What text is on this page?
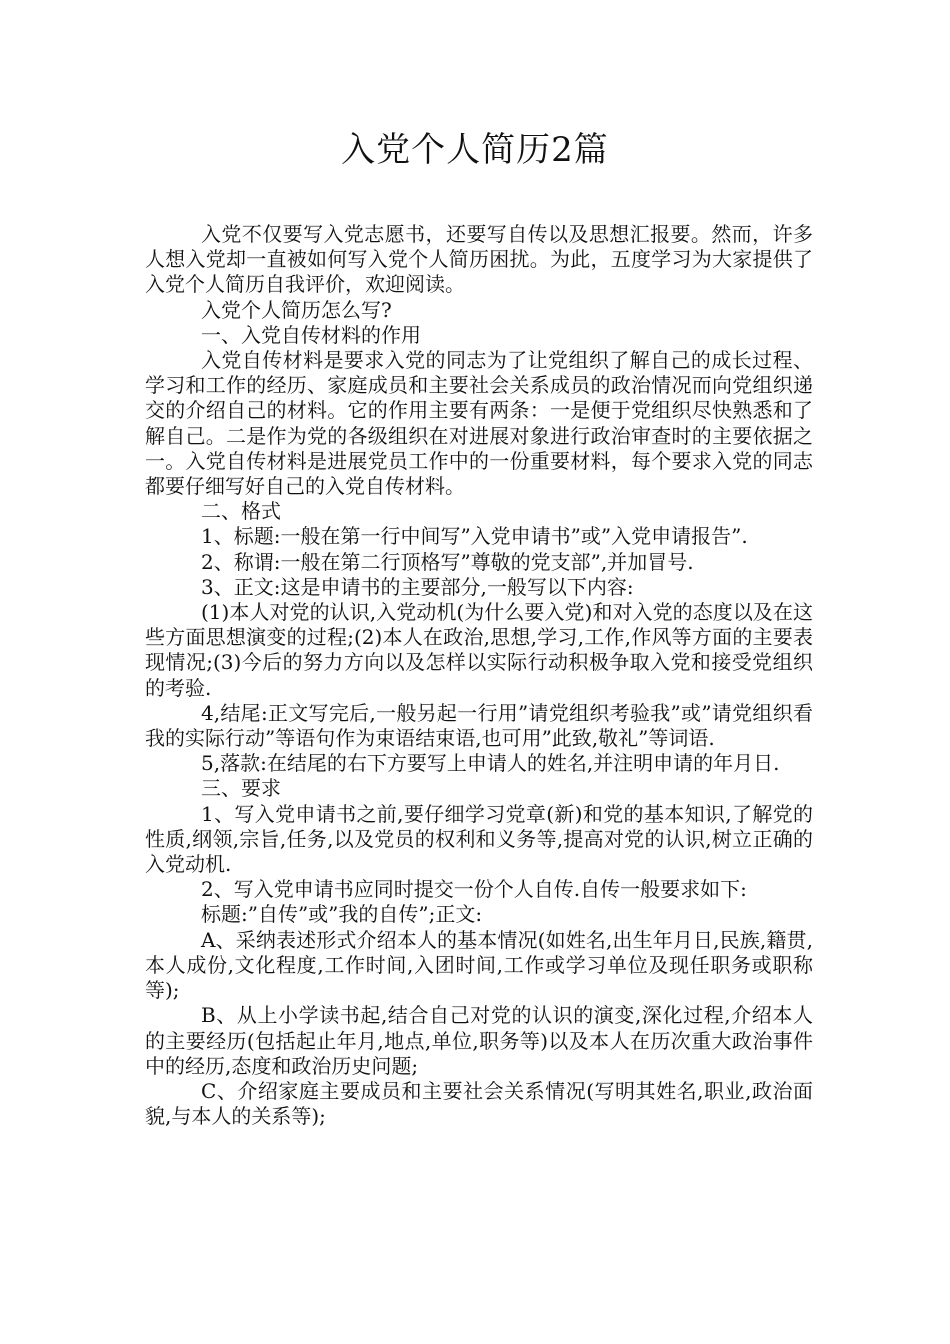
入党个人简历2篇

入党不仅要写入党志愿书，还要写自传以及思想汇报要。然而，许多人想入党却一直被如何写入党个人简历困扰。为此，五度学习为大家提供了入党个人简历自我评价，欢迎阅读。

入党个人简历怎么写?

一、入党自传材料的作用

入党自传材料是要求入党的同志为了让党组织了解自己的成长过程、学习和工作的经历、家庭成员和主要社会关系成员的政治情况而向党组织递交的介绍自己的材料。它的作用主要有两条：一是便于党组织尽快熟悉和了解自己。二是作为党的各级组织在对进展对象进行政治审查时的主要依据之一。入党自传材料是进展党员工作中的一份重要材料，每个要求入党的同志都要仔细写好自己的入党自传材料。

二、格式

1、标题:一般在第一行中间写”入党申请书”或”入党申请报告”.

2、称谓:一般在第二行顶格写”尊敬的党支部”,并加冒号.

3、正文:这是申请书的主要部分,一般写以下内容:

(1)本人对党的认识,入党动机(为什么要入党)和对入党的态度以及在这些方面思想演变的过程;(2)本人在政治,思想,学习,工作,作风等方面的主要表现情况;(3)今后的努力方向以及怎样以实际行动积极争取入党和接受党组织的考验.

4,结尾:正文写完后,一般另起一行用”请党组织考验我”或”请党组织看我的实际行动”等语句作为束语结束语,也可用”此致,敬礼”等词语.

5,落款:在结尾的右下方要写上申请人的姓名,并注明申请的年月日.

三、要求

1、写入党申请书之前,要仔细学习党章(新)和党的基本知识,了解党的性质,纲领,宗旨,任务,以及党员的权利和义务等,提高对党的认识,树立正确的入党动机.

2、写入党申请书应同时提交一份个人自传.自传一般要求如下:

标题:”自传”或”我的自传”;正文:

A、采纳表述形式介绍本人的基本情况(如姓名,出生年月日,民族,籍贯,本人成份,文化程度,工作时间,入团时间,工作或学习单位及现任职务或职称等);

B、从上小学读书起,结合自己对党的认识的演变,深化过程,介绍本人的主要经历(包括起止年月,地点,单位,职务等)以及本人在历次重大政治事件中的经历,态度和政治历史问题;

C、介绍家庭主要成员和主要社会关系情况(写明其姓名,职业,政治面貌,与本人的关系等);
